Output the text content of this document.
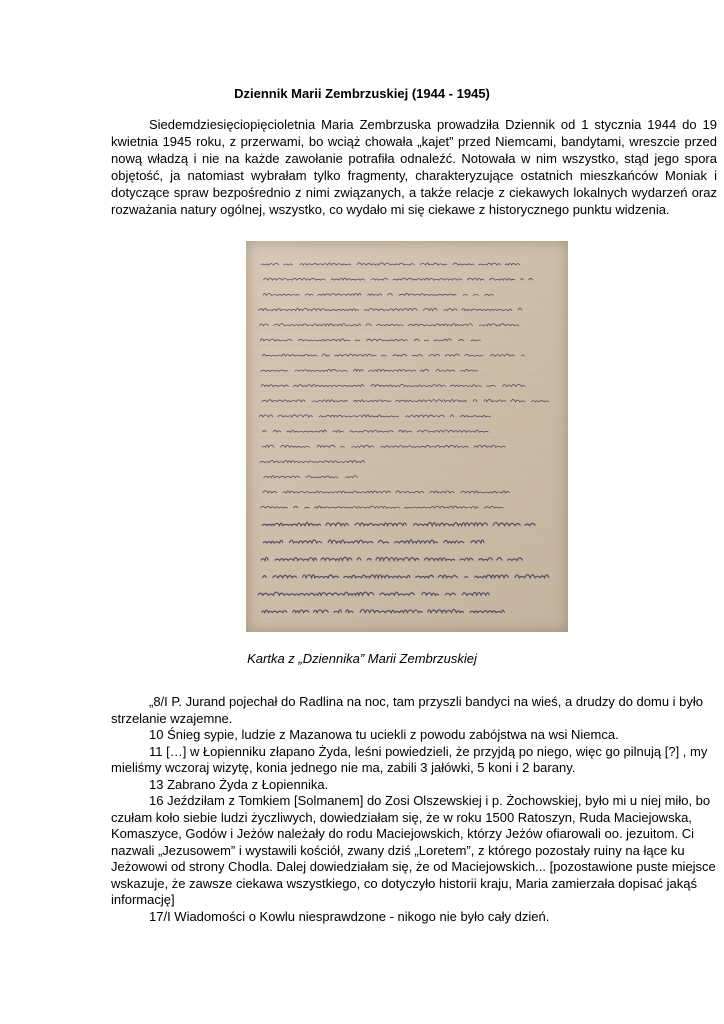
Dziennik Marii Zembrzuskiej (1944 - 1945)

Siedemdziesięciopięcioletnia Maria Zembrzuska prowadziła Dziennik od 1 stycznia 1944 do 19 kwietnia 1945 roku, z przerwami, bo wciąż chowała „kajet” przed Niemcami, bandytami, wreszcie przed nową władzą i nie na każde zawołanie potrafiła odnaleźć. Notowała w nim wszystko, stąd jego spora objętość, ja natomiast wybrałam tylko fragmenty, charakteryzujące ostatnich mieszkańców Moniak i dotyczące spraw bezpośrednio z nimi związanych, a także relacje z ciekawych lokalnych wydarzeń oraz rozważania natury ogólnej, wszystko, co wydało mi się ciekawe z historycznego punktu widzenia.

Kartka z „Dziennika” Marii Zembrzuskiej

„8/I P. Jurand pojechał do Radlina na noc, tam przyszli bandyci na wieś, a drudzy do domu i było strzelanie wzajemne.

10 Śnieg sypie, ludzie z Mazanowa tu uciekli z powodu zabójstwa na wsi Niemca.

11 […] w Łopienniku złapano Żyda, leśni powiedzieli, że przyjdą po niego, więc go pilnują [?] , my mieliśmy wczoraj wizytę, konia jednego nie ma, zabili 3 jałówki, 5 koni i 2 barany.

13 Zabrano Żyda z Łopiennika.

16 Jeździłam z Tomkiem [Solmanem] do Zosi Olszewskiej i p. Żochowskiej, było mi u niej miło, bo czułam koło siebie ludzi życzliwych, dowiedziałam się, że w roku 1500 Ratoszyn, Ruda Maciejowska, Komaszyce, Godów i Jeżów należały do rodu Maciejowskich, którzy Jeżów ofiarowali oo. jezuitom. Ci nazwali „Jezusowem” i wystawili kościół, zwany dziś „Loretem”, z którego pozostały ruiny na łące ku Jeżowowi od strony Chodla. Dalej dowiedziałam się, że od Maciejowskich... [pozostawione puste miejsce wskazuje, że zawsze ciekawa wszystkiego, co dotyczyło historii kraju, Maria zamierzała dopisać jakąś informację]

17/I Wiadomości o Kowlu niesprawdzone - nikogo nie było cały dzień.
